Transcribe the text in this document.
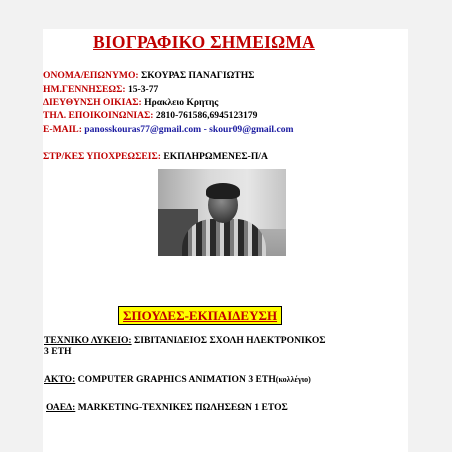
ΒΙΟΓΡΑΦΙΚΟ ΣΗΜΕΙΩΜΑ
ΟΝΟΜΑ/ΕΠΩΝΥΜΟ: ΣΚΟΥΡΑΣ ΠΑΝΑΓΙΩΤΗΣ
ΗΜ.ΓΕΝΝΗΣΕΩΣ: 15-3-77
ΔΙΕΥΘΥΝΣΗ ΟΙΚΙΑΣ: Ηρακλειο Κρητης
ΤΗΛ. ΕΠΟΙΚΟΙΝΩΝΙΑΣ: 2810-761586,6945123179
E-MAIL: panosskouras77@gmail.com - skour09@gmail.com
ΣΤΡ/ΚΕΣ ΥΠΟΧΡΕΩΣΕΙΣ: ΕΚΠΛΗΡΩΜΕΝΕΣ-Π/Α
ΣΠΟΥΔΕΣ-ΕΚΠΑΙΔΕΥΣΗ
ΤΕΧΝΙΚΟ ΛΥΚΕΙΟ: ΣΙΒΙΤΑΝΙΔΕΙΟΣ ΣΧΟΛΗ ΗΛΕΚΤΡΟΝΙΚΟΣ
3 ΕΤΗ
ΑΚΤΟ: COMPUTER GRAPHICS ANIMATION 3 ΕΤΗ(κολλέγιο)
ΟΑΕΔ: MARKETING-ΤΕΧΝΙΚΕΣ ΠΩΛΗΣΕΩΝ 1 ΕΤΟΣ
